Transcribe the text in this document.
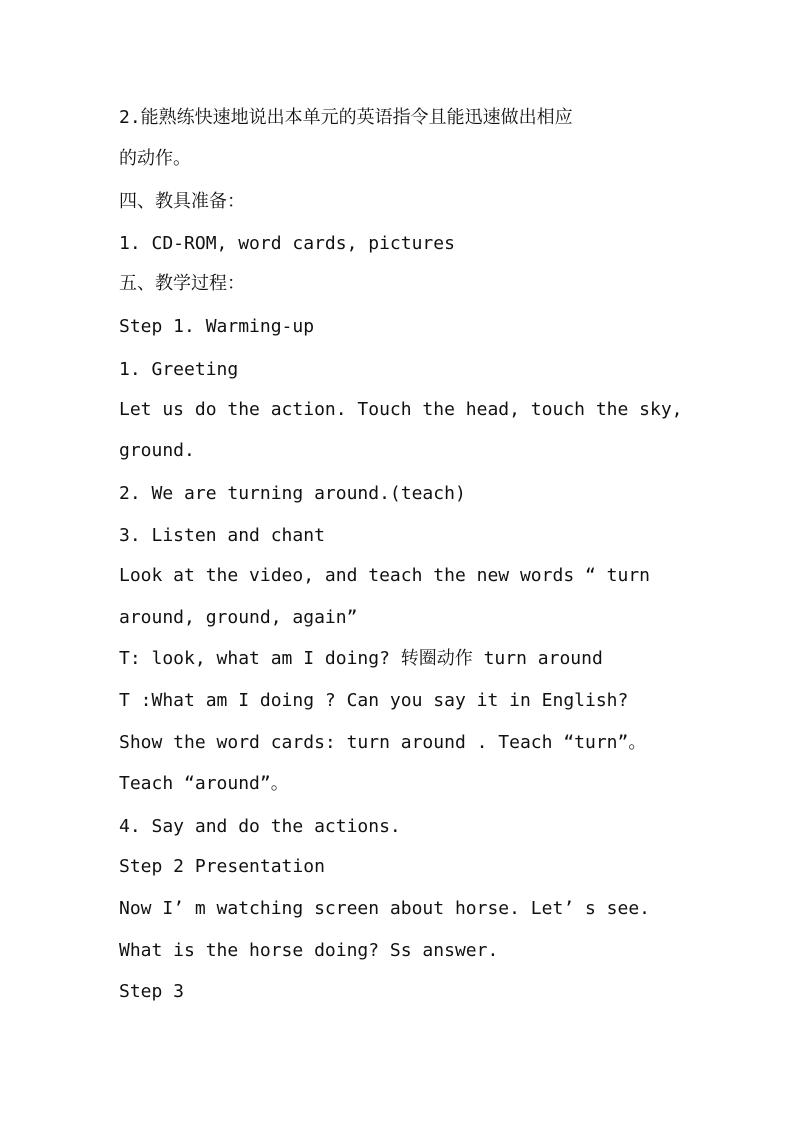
2.能熟练快速地说出本单元的英语指令且能迅速做出相应
的动作。
四、教具准备：
1. CD-ROM, word cards, pictures
五、教学过程：
Step 1. Warming-up
1. Greeting
Let us do the action. Touch the head, touch the sky,
ground.
2. We are turning around.(teach)
3. Listen and chant
Look at the video, and teach the new words “ turn
around, ground, again”
T: look, what am I doing? 转圈动作 turn around
T :What am I doing ? Can you say it in English?
Show the word cards: turn around . Teach “turn”。
Teach “around”。
4. Say and do the actions.
Step 2 Presentation
Now I’ m watching screen about horse. Let’ s see.
What is the horse doing? Ss answer.
Step 3
